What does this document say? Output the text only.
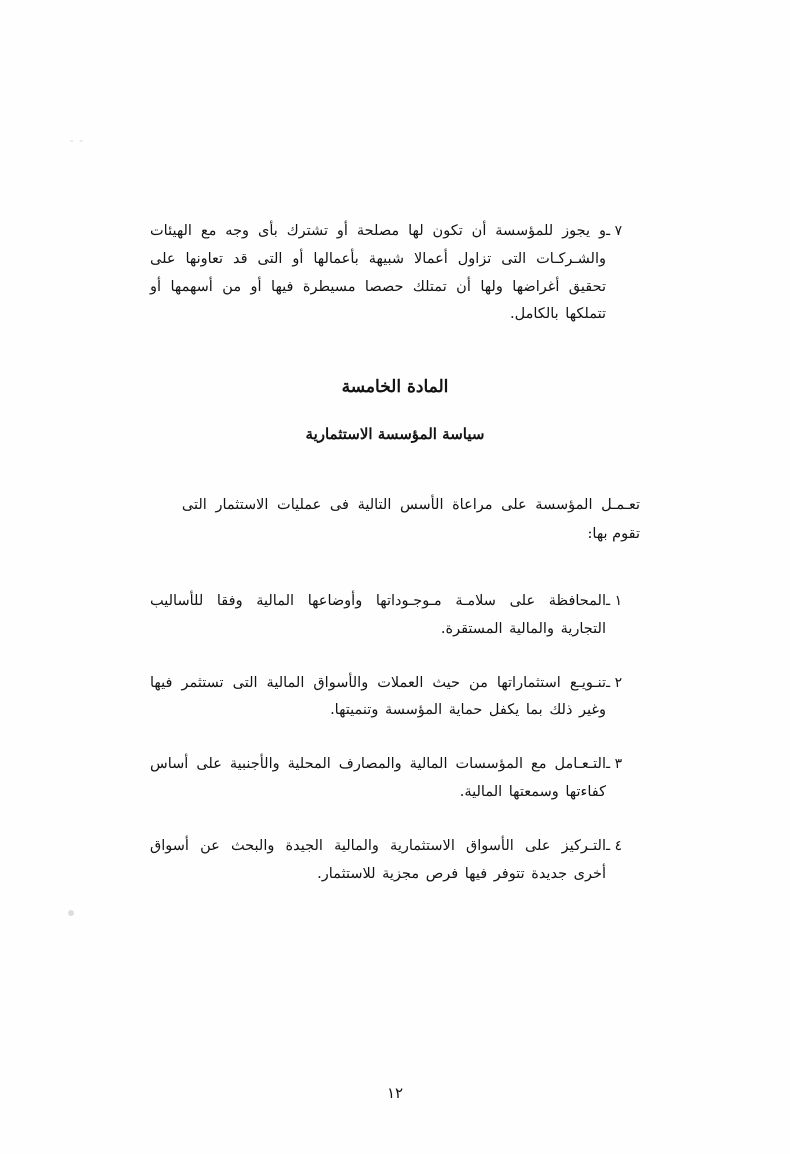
- -
٧ ـ
و يجوز للمؤسسة أن تكون لها مصلحة أو تشترك بأى وجه مع الهيئات والشـركـات التى تزاول أعمالا شبيهة بأعمالها أو التى قد تعاونها على تحقيق أغراضها ولها أن تمتلك حصصا مسيطرة فيها أو من أسهمها أو تتملكها بالكامل.
المادة الخامسة
سياسة المؤسسة الاستثمارية

تعـمـل المؤسسة على مراعاة الأسس التالية فى عمليات الاستثمار التى
تقوم بها:

١ ـ
المحافظة على سلامـة مـوجـوداتها وأوضاعها المالية وفقا للأساليب التجارية والمالية المستقرة.
٢ ـ
تنـويـع استثماراتها من حيث العملات والأسواق المالية التى تستثمر فيها وغير ذلك بما يكفل حماية المؤسسة وتنميتها.
٣ ـ
التـعـامل مع المؤسسات المالية والمصارف المحلية والأجنبية على أساس كفاءتها وسمعتها المالية.
٤ ـ
التـركيز على الأسواق الاستثمارية والمالية الجيدة والبحث عن أسواق أخرى جديدة تتوفر فيها فرص مجزية للاستثمار.
١٢
